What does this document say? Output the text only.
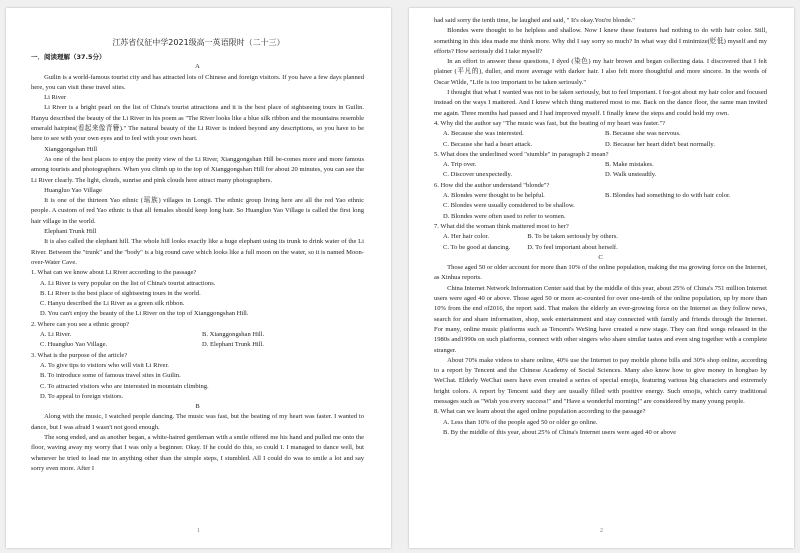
江苏省仪征中学2021级高一英语限时（二十三）

一．阅读理解（37.5分）

A

Guilin is a world-famous tourist city and has attracted lots of Chinese and foreign visitors. If you have a few days planned here, you can visit these travel sites.

Li River

Li River is a bright pearl on the list of China's tourist attractions and it is the best place of sightseeing tours in Guilin. Hanyu described the beauty of the Li River in his poem as "The River looks like a blue silk ribbon and the mountains resemble emerald hairpins(看起来像青簪)." The natural beauty of the Li River is indeed beyond any descriptions, so you have to be here to see with your own eyes and to feel with your own heart.

Xianggongshan Hill

As one of the best places to enjoy the pretty view of the Li River, Xianggongshan Hill be-comes more and more famous among tourists and photographers. When you climb up to the top of Xianggongshan Hill for about 20 minutes, you can see the Li River clearly. The light, clouds, sunrise and pink clouds here attract many photographers.

Huangluo Yao Village

It is one of the thirteen Yao ethnic (瑶族) villages in Longji. The ethnic group living here are all the red Yao ethnic people. A custom of red Yao ethnic is that all females should keep long hair. So Huangluo Yao Village is called the first long hair village in the world.

Elephant Trunk Hill

It is also called the elephant hill. The whole hill looks exactly like a huge elephant using its trunk to drink water of the Li River. Between the "trunk" and the "body" is a big round cave which looks like a full moon on the water, so it is named Moon-over-Water Cave.

1. What can we know about Li River according to the passage?

A. Li River is very popular on the list of China's tourist attractions.

B. Li River is the best place of sightseeing tours in the world.

C. Hanyu described the Li River as a green silk ribbon.

D. You can't enjoy the beauty of the Li River on the top of Xianggongshan Hill.

2. Where can you see a ethnic group?

A. Li River.	B. Xianggongshan Hill.
C. Huangluo Yao Village.	D. Elephant Trunk Hill.

3. What is the purpose of the article?

A. To give tips to visitors who will visit Li River.

B. To introduce some of famous travel sites in Guilin.

C. To attracted visitors who are interested in mountain climbing.

D. To appeal to foreign visitors.

B

Along with the music, I watched people dancing. The music was fast, but the beating of my heart was faster. I wanted to dance, but I was afraid I wasn't not good enough.

The song ended, and as another began, a white-haired gentleman with a smile offered me his hand and pulled me onto the floor, waving away my worry that I was only a beginner. Okay. If he could do this, so could I. I managed to dance well, but whenever he tried to lead me in anything other than the simple steps, I stumbled. All I could do was to smile a lot and say sorry even more. After I

1

had said sorry the tenth time, he laughed and said, " It's okay.You're blonde."

Blondes were thought to be helpless and shallow. Now I knew these features had nothing to do with hair color. Still, something in this idea made me think more. Why did I say sorry so much? In what way did I minimize(贬低) myself and my efforts? How seriously did I take myself?

In an effort to answer these questions, I dyed (染色) my hair brown and began collecting data. I discovered that I felt plainer (平凡的), duller, and more average with darker hair. I also felt more thoughtful and more sincere. In the words of Oscar Wilde, "Life is too important to be taken seriously."

I thought that what I wanted was not to be taken seriously, but to feel important. I for-got about my hair color and focused instead on the ways I mattered. And I knew which thing mattered most to me. Back on the dance floor, the same man invited me again. Three months had passed and I had improved myself. I finally knew the steps and could hold my own.

4. Why did the author say "The music was fast, but the beating of my heart was faster."?

A. Because she was interested.	B. Because she was nervous.
C. Because she had a heart attack.	D. Because her heart didn't beat normally.

5. What does the underlined word "stumble" in paragraph 2 mean?

A. Trip over.	B. Make mistakes.
C. Discover unexpectedly.	D. Walk unsteadily.

6. How did the author understand "blonde"?

A. Blondes were thought to be helpful.	B. Blondes had something to do with hair color.

C. Blondes were usually considered to be shallow.

D. Blondes were often used to refer to women.

7. What did the woman think mattered most to her?

A. Her hair color.	B. To be taken seriously by others.
C. To be good at dancing.	D. To feel important about herself.

C

Those aged 50 or older account for more than 10% of the online population, making the ma growing force on the Internet, as Xinhua reports.

China Internet Network Information Center said that by the middle of this year, about 25% of China's 751 million Internet users were aged 40 or above. Those aged 50 or more ac-counted for over one-tenth of the online population, up by more than 10% from the end of2016, the report said. That makes the elderly an ever-growing force on the Internet as they follow news, search for and share information, shop, seek entertainment and stay connected with family and friends through the Internet. For many, online music platforms such as Tencent's WeSing have created a new stage. They can find songs released in the 1980s and1990s on such platforms, connect with other singers who share similar tastes and even sing together with a complete stranger.

About 70% make videos to share online, 40% use the Internet to pay mobile phone bills and 30% shop online, according to a report by Tencent and the Chinese Academy of Social Sciences. Many also know how to give money in hongbao by WeChat. Elderly WeChat users have even created a series of special emojis, featuring various big characters and extremely bright colors. A report by Tencent said they are usually filled with positive energy. Such emojis, which carry traditional messages such as "Wish you every success!" and "Have a wonderful morning!" are considered by many young people.

8. What can we learn about the aged online population according to the passage?

A. Less than 10% of the people aged 50 or older go online.

B. By the middle of this year, about 25% of China's Internet users were aged 40 or above

2
